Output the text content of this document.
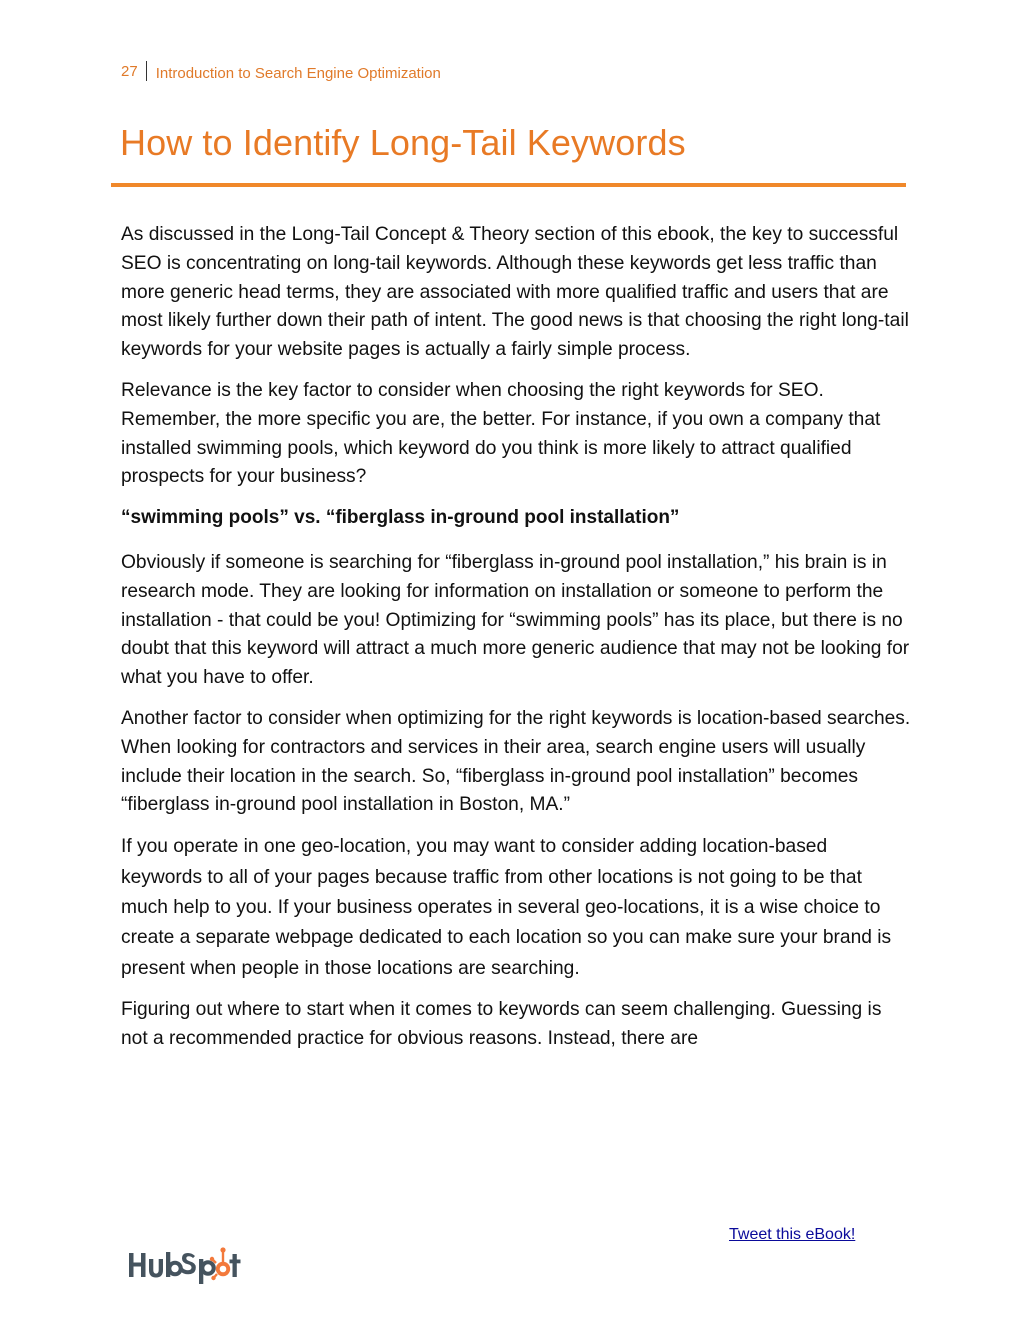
27	Introduction to Search Engine Optimization
How to Identify Long-Tail Keywords

As discussed in the Long-Tail Concept & Theory section of this ebook, the key to successful SEO is concentrating on long-tail keywords. Although these keywords get less traffic than more generic head terms, they are associated with more qualified traffic and users that are most likely further down their path of intent. The good news is that choosing the right long-tail keywords for your website pages is actually a fairly simple process.

Relevance is the key factor to consider when choosing the right keywords for SEO. Remember, the more specific you are, the better. For instance, if you own a company that installed swimming pools, which keyword do you think is more likely to attract qualified prospects for your business?

“swimming pools” vs. “fiberglass in-ground pool installation”

Obviously if someone is searching for “fiberglass in-ground pool installation,” his brain is in research mode. They are looking for information on installation or someone to perform the installation - that could be you! Optimizing for “swimming pools” has its place, but there is no doubt that this keyword will attract a much more generic audience that may not be looking for what you have to offer.

Another factor to consider when optimizing for the right keywords is location-based searches. When looking for contractors and services in their area, search engine users will usually include their location in the search. So, “fiberglass in-ground pool installation” becomes “fiberglass in-ground pool installation in Boston, MA.”

If you operate in one geo-location, you may want to consider adding location-based keywords to all of your pages because traffic from other locations is not going to be that much help to you. If your business operates in several geo-locations, it is a wise choice to create a separate webpage dedicated to each location so you can make sure your brand is present when people in those locations are searching.

Figuring out where to start when it comes to keywords can seem challenging. Guessing is not a recommended practice for obvious reasons. Instead, there are

Tweet this eBook!
